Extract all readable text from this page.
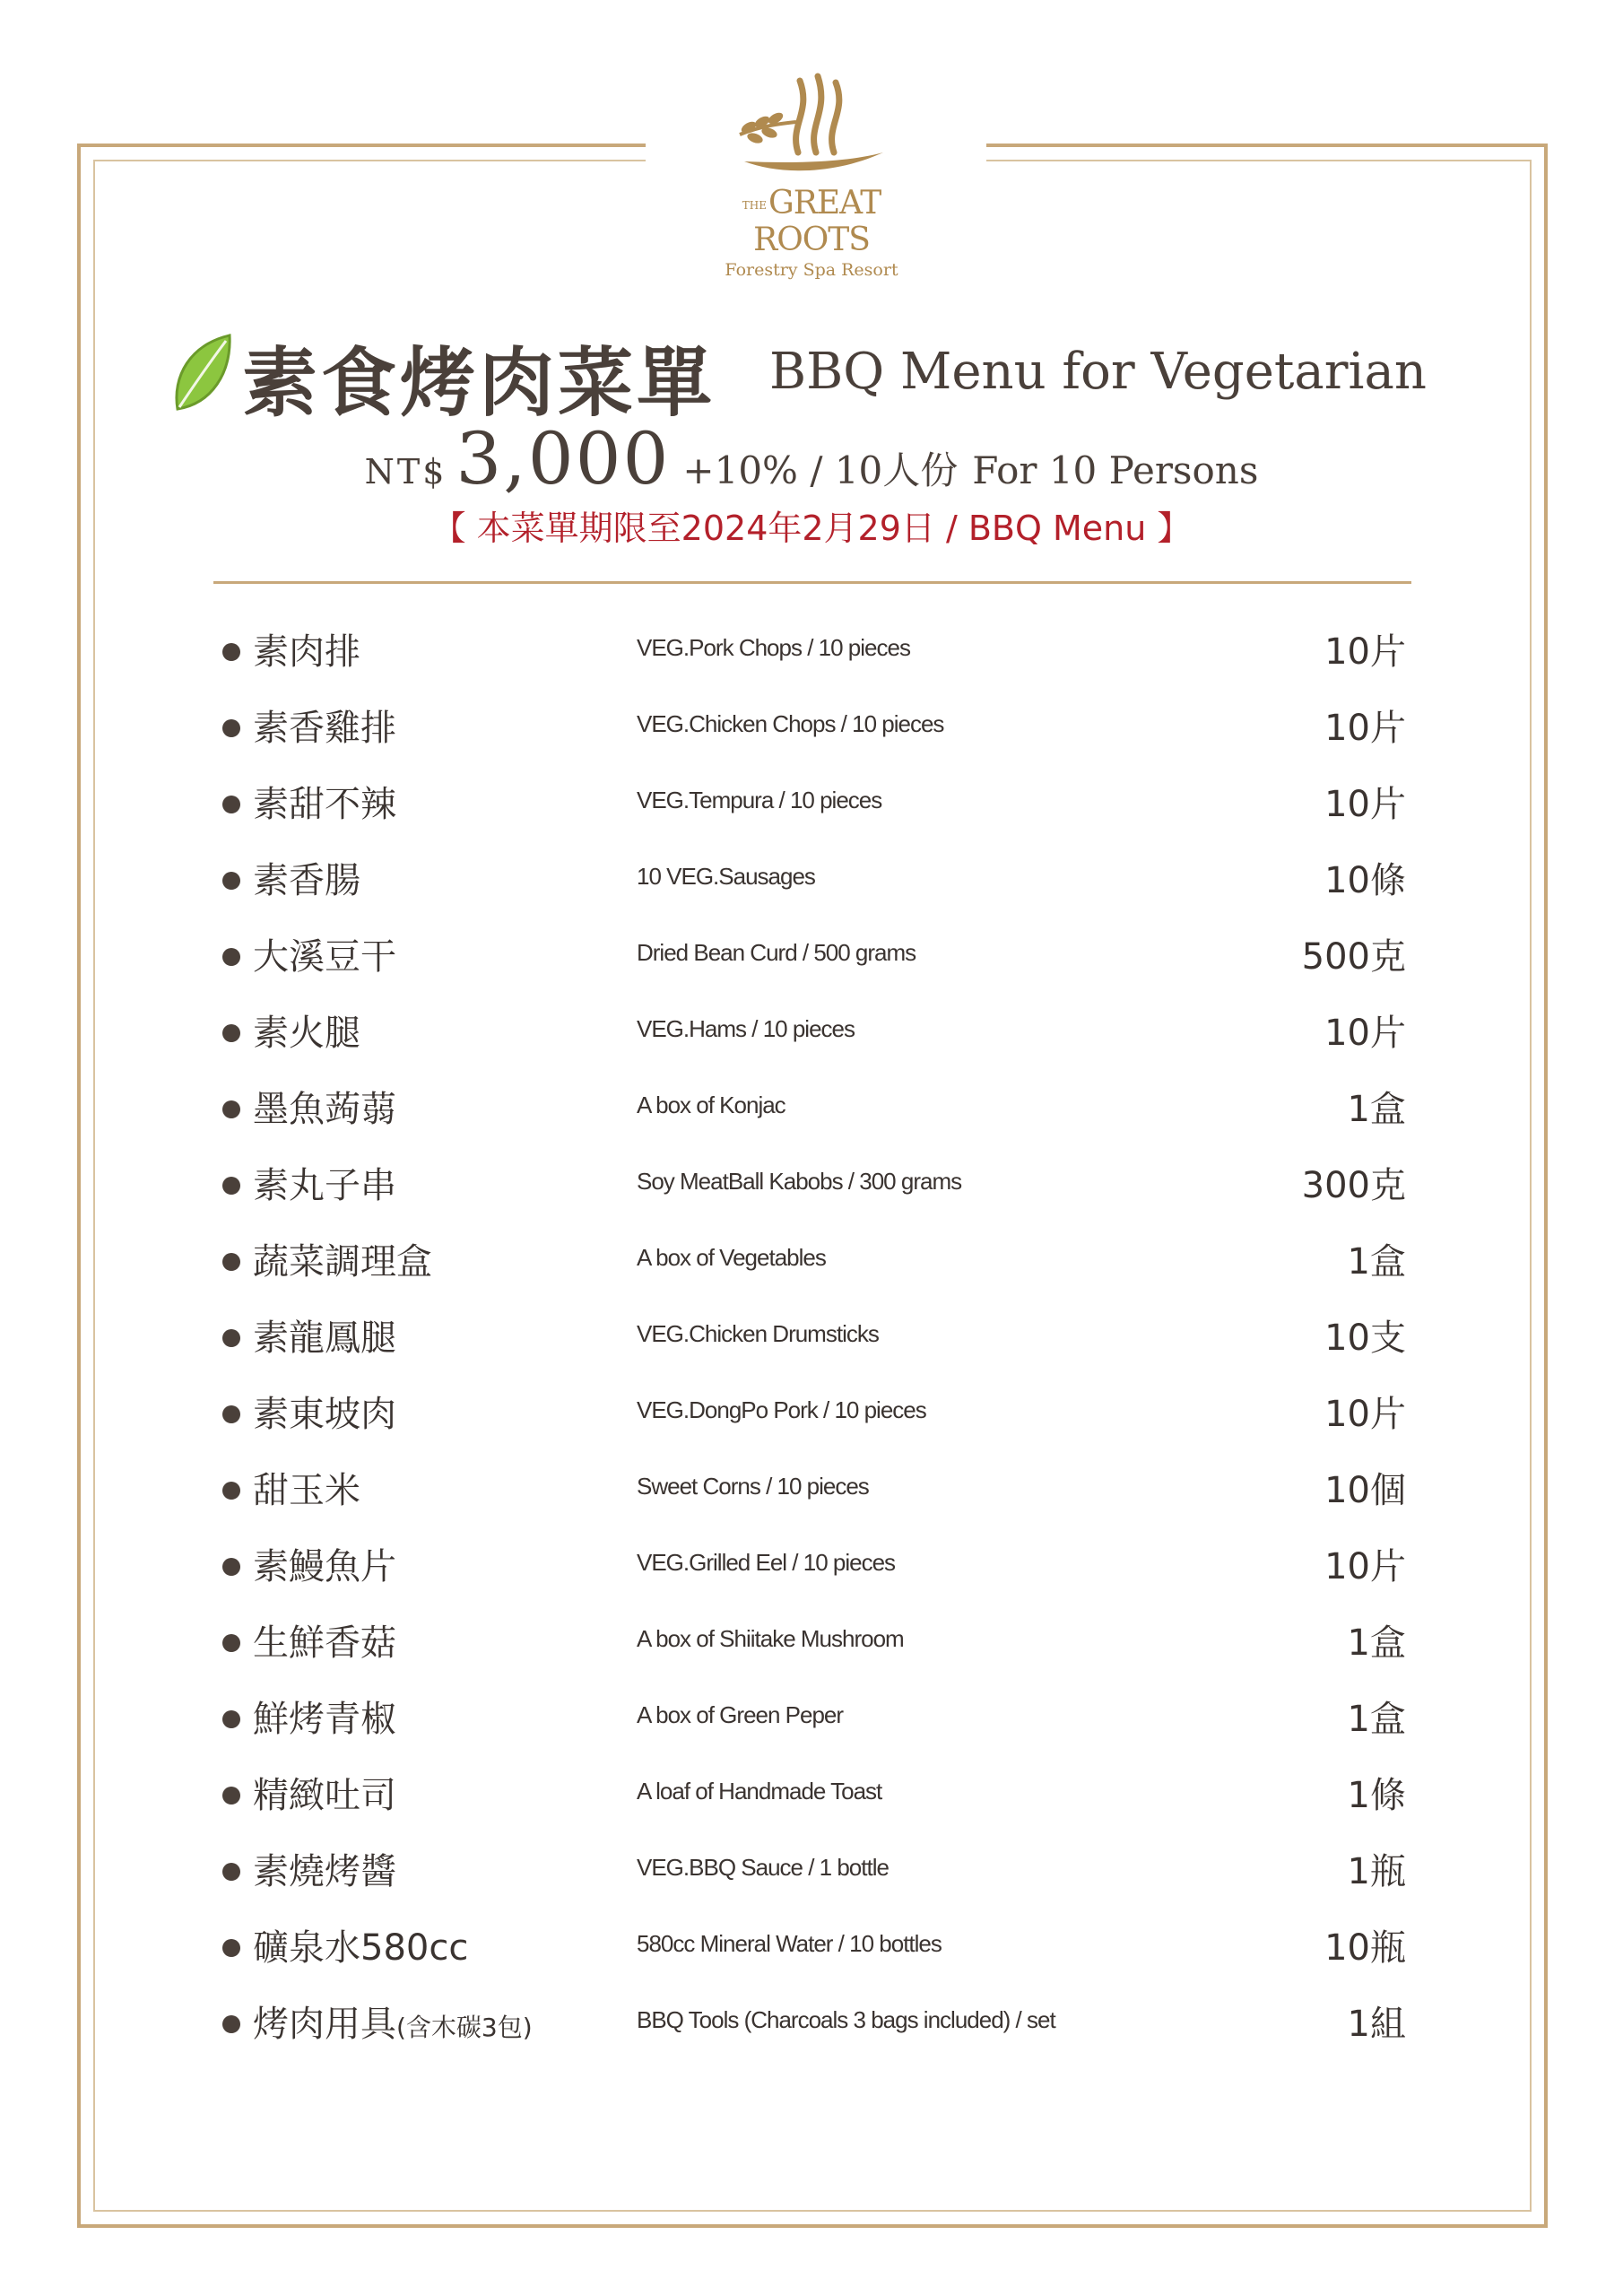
THEGREAT ROOTS
Forestry Spa Resort
素食烤肉菜單 BBQ Menu for Vegetarian
NT$ 3,000 +10% / 10人份 For 10 Persons
【 本菜單期限至2024年2月29日 / BBQ Menu 】
素肉排	VEG.Pork Chops / 10 pieces	10片
素香雞排	VEG.Chicken Chops / 10 pieces	10片
素甜不辣	VEG.Tempura / 10 pieces	10片
素香腸	10 VEG.Sausages	10條
大溪豆干	Dried Bean Curd / 500 grams	500克
素火腿	VEG.Hams / 10 pieces	10片
墨魚蒟蒻	A box of Konjac	1盒
素丸子串	Soy MeatBall Kabobs / 300 grams	300克
蔬菜調理盒	A box of Vegetables	1盒
素龍鳳腿	VEG.Chicken Drumsticks	10支
素東坡肉	VEG.DongPo Pork / 10 pieces	10片
甜玉米	Sweet Corns / 10 pieces	10個
素鰻魚片	VEG.Grilled Eel / 10 pieces	10片
生鮮香菇	A box of Shiitake Mushroom	1盒
鮮烤青椒	A box of Green Peper	1盒
精緻吐司	A loaf of Handmade Toast	1條
素燒烤醬	VEG.BBQ Sauce / 1 bottle	1瓶
礦泉水580cc	580cc Mineral Water / 10 bottles	10瓶
烤肉用具(含木碳3包)	BBQ Tools (Charcoals 3 bags included) / set	1組
